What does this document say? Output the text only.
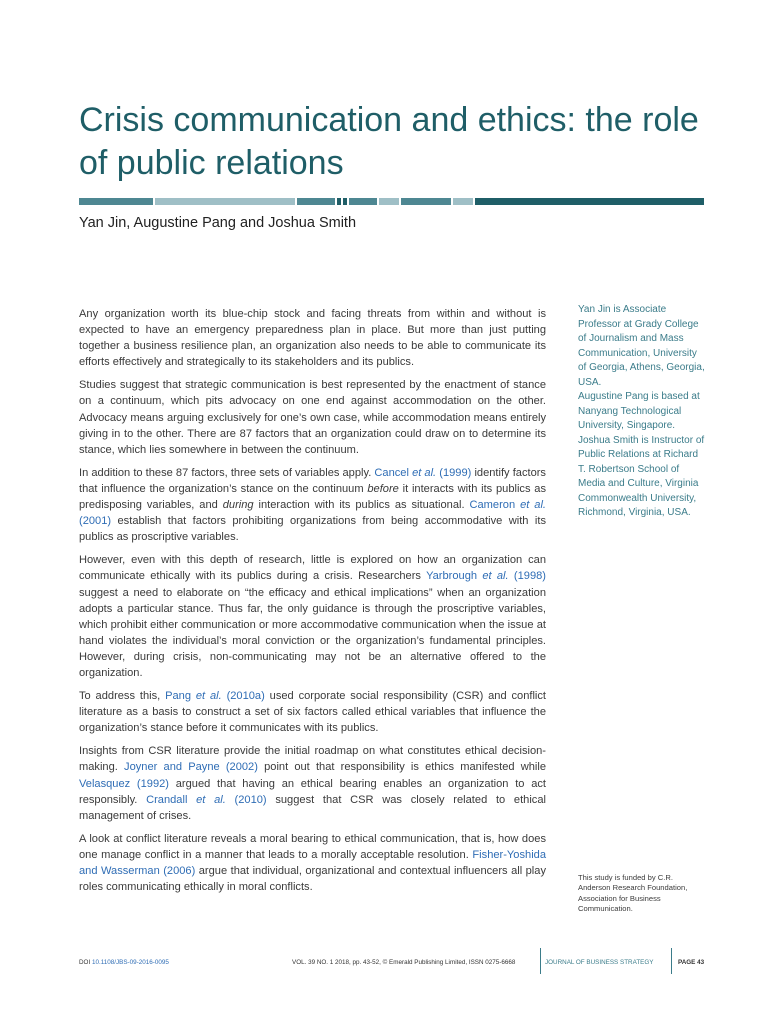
Crisis communication and ethics: the role of public relations
Yan Jin, Augustine Pang and Joshua Smith

Any organization worth its blue-chip stock and facing threats from within and without is expected to have an emergency preparedness plan in place. But more than just putting together a business resilience plan, an organization also needs to be able to communicate its efforts effectively and strategically to its stakeholders and its publics.

Studies suggest that strategic communication is best represented by the enactment of stance on a continuum, which pits advocacy on one end against accommodation on the other. Advocacy means arguing exclusively for one’s own case, while accommodation means entirely giving in to the other. There are 87 factors that an organization could draw on to determine its stance, which lies somewhere in between the continuum.

In addition to these 87 factors, three sets of variables apply. Cancel et al. (1999) identify factors that influence the organization’s stance on the continuum before it interacts with its publics as predisposing variables, and during interaction with its publics as situational. Cameron et al. (2001) establish that factors prohibiting organizations from being accommodative with its publics as proscriptive variables.

However, even with this depth of research, little is explored on how an organization can communicate ethically with its publics during a crisis. Researchers Yarbrough et al. (1998) suggest a need to elaborate on “the efficacy and ethical implications” when an organization adopts a particular stance. Thus far, the only guidance is through the proscriptive variables, which prohibit either communication or more accommodative communication when the issue at hand violates the individual’s moral conviction or the organization’s fundamental principles. However, during crisis, non-communicating may not be an alternative offered to the organization.

To address this, Pang et al. (2010a) used corporate social responsibility (CSR) and conflict literature as a basis to construct a set of six factors called ethical variables that influence the organization’s stance before it communicates with its publics.

Insights from CSR literature provide the initial roadmap on what constitutes ethical decision-making. Joyner and Payne (2002) point out that responsibility is ethics manifested while Velasquez (1992) argued that having an ethical bearing enables an organization to act responsibly. Crandall et al. (2010) suggest that CSR was closely related to ethical management of crises.

A look at conflict literature reveals a moral bearing to ethical communication, that is, how does one manage conflict in a manner that leads to a morally acceptable resolution. Fisher-Yoshida and Wasserman (2006) argue that individual, organizational and contextual influencers all play roles communicating ethically in moral conflicts.

Yan Jin is Associate Professor at Grady College of Journalism and Mass Communication, University of Georgia, Athens, Georgia, USA.

Augustine Pang is based at Nanyang Technological University, Singapore.

Joshua Smith is Instructor of Public Relations at Richard T. Robertson School of Media and Culture, Virginia Commonwealth University, Richmond, Virginia, USA.

This study is funded by C.R. Anderson Research Foundation, Association for Business Communication.
DOI 10.1108/JBS-09-2016-0095	VOL. 39 NO. 1 2018, pp. 43-52, © Emerald Publishing Limited, ISSN 0275-6668	JOURNAL OF BUSINESS STRATEGY	PAGE 43
